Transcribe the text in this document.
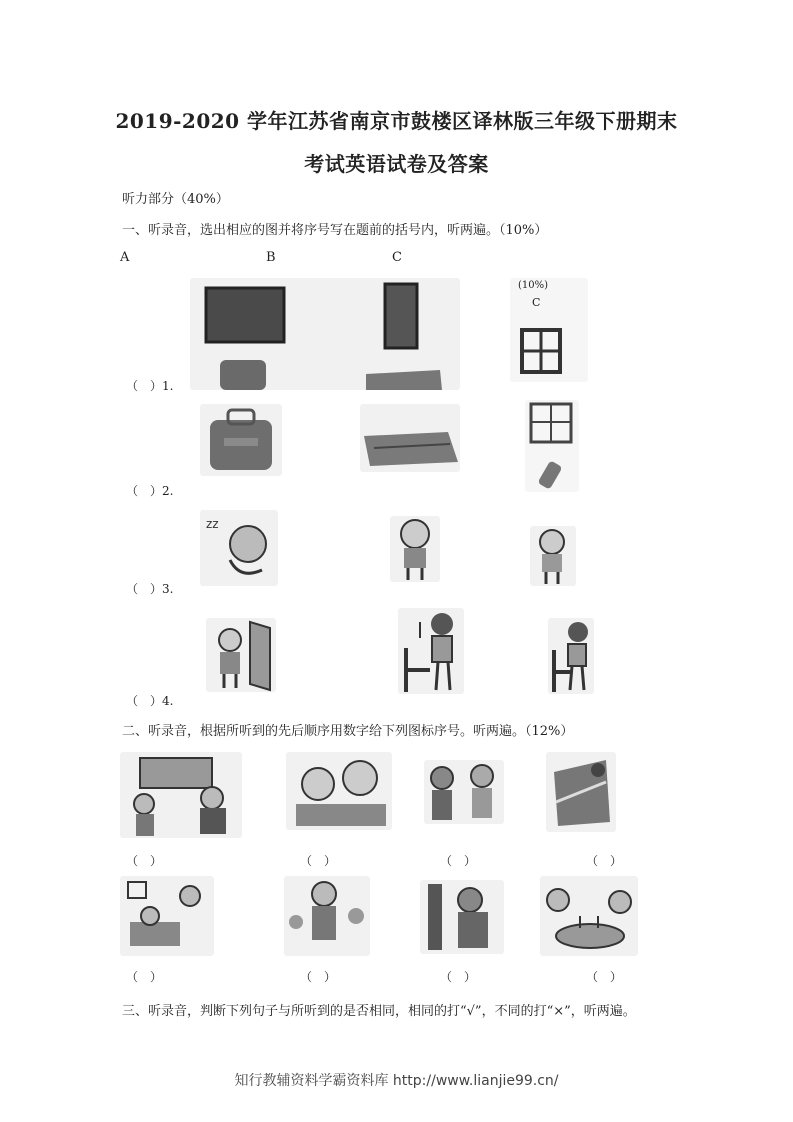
2019-2020 学年江苏省南京市鼓楼区译林版三年级下册期末
考试英语试卷及答案
听力部分（40%）
一、听录音，选出相应的图并将序号写在题前的括号内，听两遍。（10%）
A	B	C
(10%)
C
（　）1.
（　）2.
zz
（　）3.
（　）4.
二、听录音，根据所听到的先后顺序用数字给下列图标序号。听两遍。（12%）
（　）	（　）	（　）	（　）
（　）	（　）	（　）	（　）
三、听录音，判断下列句子与所听到的是否相同，相同的打“√”，不同的打“×”，听两遍。
知行教辅资料学霸资料库 http://www.lianjie99.cn/
